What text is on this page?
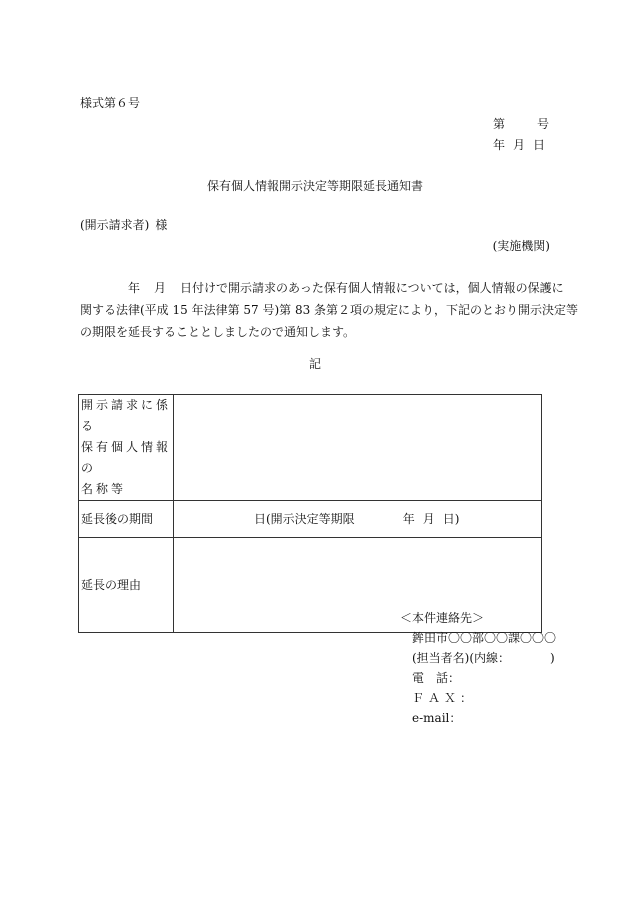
様式第６号
第	号
年 月 日
保有個人情報開示決定等期限延長通知書
(開示請求者) 様
(実施機関)
年 月 日付けで開示請求のあった保有個人情報については，個人情報の保護に
関する法律(平成 15 年法律第 57 号)第 83 条第２項の規定により，下記のとおり開示決定等
の期限を延長することとしましたので通知します。
記
開示請求に係る
保有個人情報の
名称等	

延長後の期間	日(開示決定等期限 年 月 日)
延長の理由	
＜本件連絡先＞
鉾田市〇〇部〇〇課〇〇〇
(担当者名)(内線：	)
電　話：
ＦＡＸ：
e-mail：
